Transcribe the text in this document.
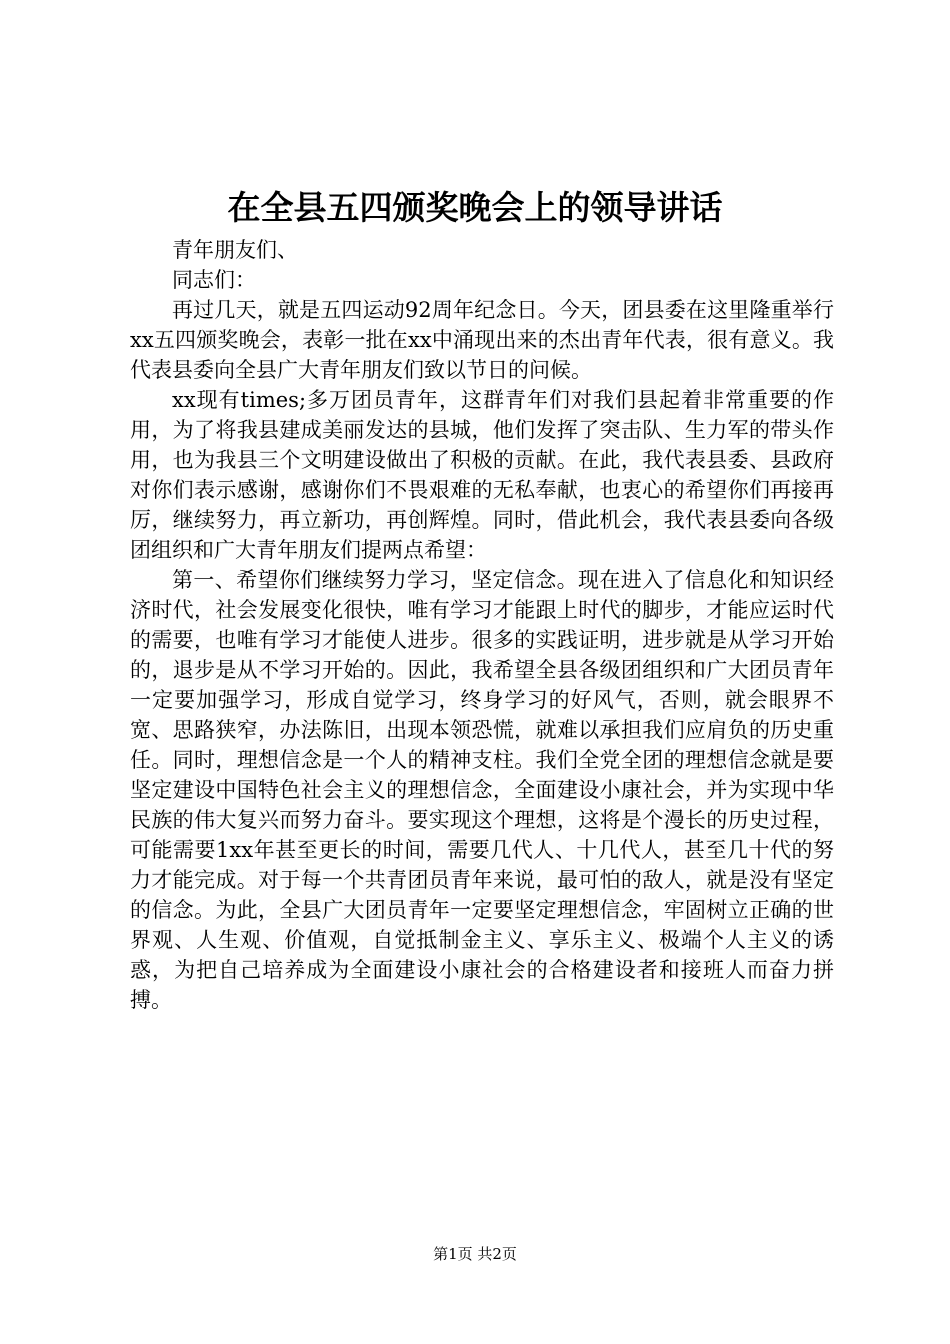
在全县五四颁奖晚会上的领导讲话

青年朋友们、

同志们：

再过几天，就是五四运动92周年纪念日。今天，团县委在这里隆重举行xx五四颁奖晚会，表彰一批在xx中涌现出来的杰出青年代表，很有意义。我代表县委向全县广大青年朋友们致以节日的问候。

xx现有times;多万团员青年，这群青年们对我们县起着非常重要的作用，为了将我县建成美丽发达的县城，他们发挥了突击队、生力军的带头作用，也为我县三个文明建设做出了积极的贡献。在此，我代表县委、县政府对你们表示感谢，感谢你们不畏艰难的无私奉献，也衷心的希望你们再接再厉，继续努力，再立新功，再创辉煌。同时，借此机会，我代表县委向各级团组织和广大青年朋友们提两点希望：

第一、希望你们继续努力学习，坚定信念。现在进入了信息化和知识经济时代，社会发展变化很快，唯有学习才能跟上时代的脚步，才能应运时代的需要，也唯有学习才能使人进步。很多的实践证明，进步就是从学习开始的，退步是从不学习开始的。因此，我希望全县各级团组织和广大团员青年一定要加强学习，形成自觉学习，终身学习的好风气，否则，就会眼界不宽、思路狭窄，办法陈旧，出现本领恐慌，就难以承担我们应肩负的历史重任。同时，理想信念是一个人的精神支柱。我们全党全团的理想信念就是要坚定建设中国特色社会主义的理想信念，全面建设小康社会，并为实现中华民族的伟大复兴而努力奋斗。要实现这个理想，这将是个漫长的历史过程，可能需要1xx年甚至更长的时间，需要几代人、十几代人，甚至几十代的努力才能完成。对于每一个共青团员青年来说，最可怕的敌人，就是没有坚定的信念。为此，全县广大团员青年一定要坚定理想信念，牢固树立正确的世界观、人生观、价值观，自觉抵制金主义、享乐主义、极端个人主义的诱惑，为把自己培养成为全面建设小康社会的合格建设者和接班人而奋力拼搏。

第1页 共2页
